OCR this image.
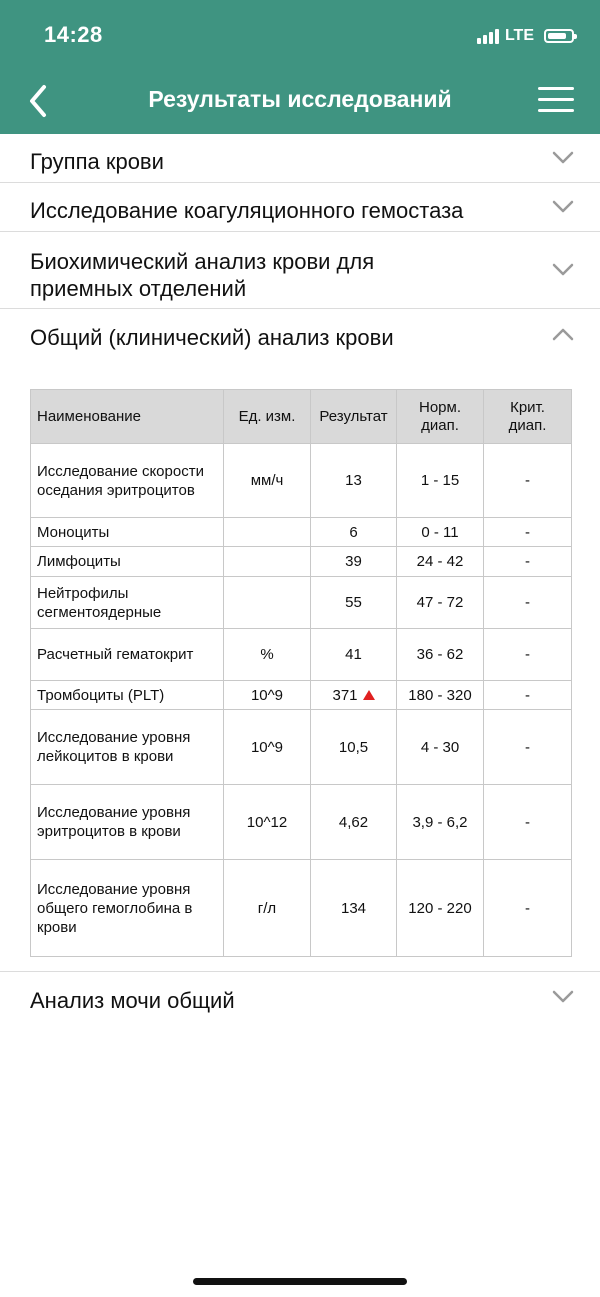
14:28	LTE
Результаты исследований
Группа крови
Исследование коагуляционного гемостаза
Биохимический анализ крови для
приемных отделений
Общий (клинический) анализ крови
Наименование	Ед. изм.	Результат	Норм. диап.	Крит. диап.
Исследование скорости оседания эритроцитов	мм/ч	13	1 - 15	-
Моноциты		6	0 - 11	-
Лимфоциты		39	24 - 42	-
Нейтрофилы сегментоядерные		55	47 - 72	-
Расчетный гематокрит	%	41	36 - 62	-
Тромбоциты (PLT)	10^9	371	180 - 320	-
Исследование уровня лейкоцитов в крови	10^9	10,5	4 - 30	-
Исследование уровня эритроцитов в крови	10^12	4,62	3,9 - 6,2	-
Исследование уровня общего гемоглобина в крови	г/л	134	120 - 220	-
Анализ мочи общий
